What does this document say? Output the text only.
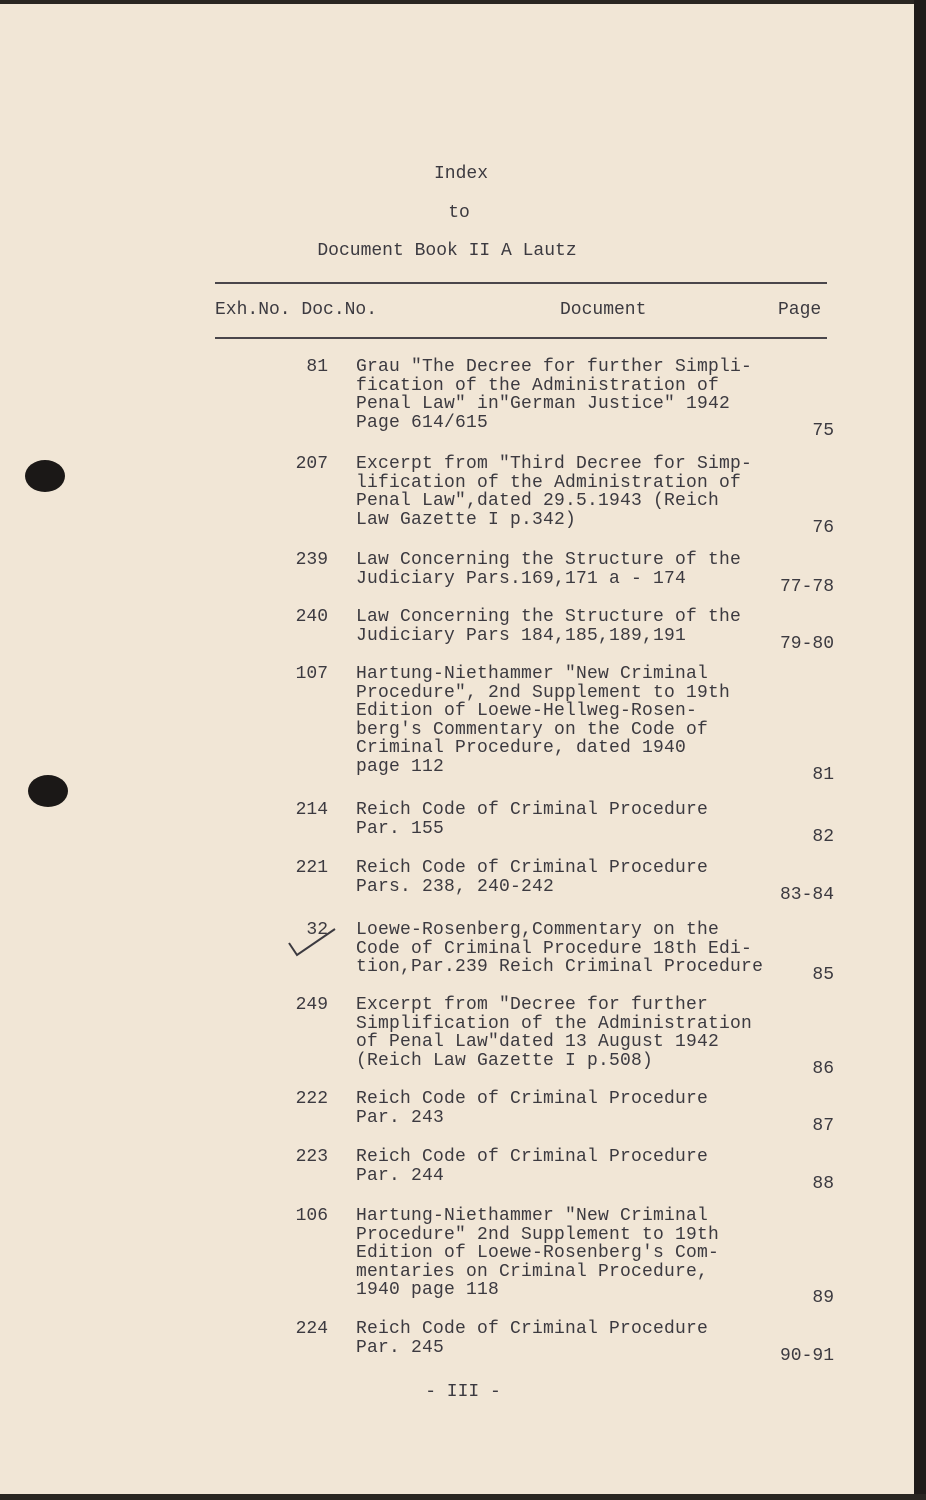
Index
to
Document Book II A Lautz
Exh.No. Doc.No.	Document	Page
81 Grau "The Decree for further Simpli-
fication of the Administration of
Penal Law" in"German Justice" 1942
Page 614/615	75
207 Excerpt from "Third Decree for Simp-
lification of the Administration of
Penal Law",dated 29.5.1943 (Reich
Law Gazette I p.342)	76
239 Law Concerning the Structure of the
Judiciary Pars.169,171 a - 174	77-78
240 Law Concerning the Structure of the
Judiciary Pars 184,185,189,191	79-80
107 Hartung-Niethammer "New Criminal
Procedure", 2nd Supplement to 19th
Edition of Loewe-Hellweg-Rosen-
berg's Commentary on the Code of
Criminal Procedure, dated 1940
page 112	81
214 Reich Code of Criminal Procedure
Par. 155	82
221 Reich Code of Criminal Procedure
Pars. 238, 240-242	83-84
32 Loewe-Rosenberg,Commentary on the
Code of Criminal Procedure 18th Edi-
tion,Par.239 Reich Criminal Procedure	85
249 Excerpt from "Decree for further
Simplification of the Administration
of Penal Law"dated 13 August 1942
(Reich Law Gazette I p.508)	86
222 Reich Code of Criminal Procedure
Par. 243	87
223 Reich Code of Criminal Procedure
Par. 244	88
106 Hartung-Niethammer "New Criminal
Procedure" 2nd Supplement to 19th
Edition of Loewe-Rosenberg's Com-
mentaries on Criminal Procedure,
1940 page 118	89
224 Reich Code of Criminal Procedure
Par. 245	90-91
- III -
